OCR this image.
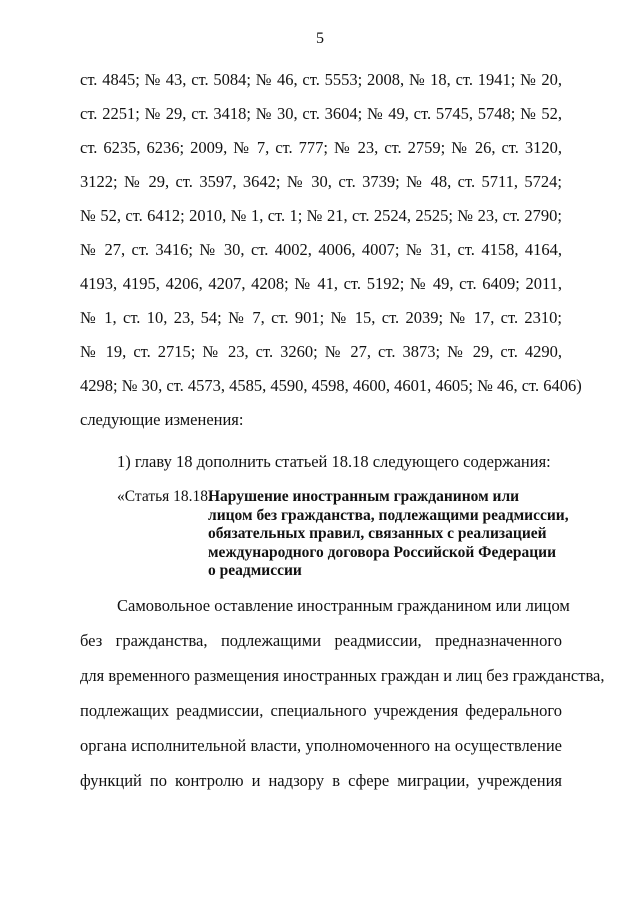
5
ст. 4845; № 43, ст. 5084; № 46, ст. 5553; 2008, № 18, ст. 1941; № 20,
ст. 2251; № 29, ст. 3418; № 30, ст. 3604; № 49, ст. 5745, 5748; № 52,
ст. 6235, 6236; 2009, № 7, ст. 777; № 23, ст. 2759; № 26, ст. 3120,
3122; № 29, ст. 3597, 3642; № 30, ст. 3739; № 48, ст. 5711, 5724;
№ 52, ст. 6412; 2010, № 1, ст. 1; № 21, ст. 2524, 2525; № 23, ст. 2790;
№ 27, ст. 3416; № 30, ст. 4002, 4006, 4007; № 31, ст. 4158, 4164,
4193, 4195, 4206, 4207, 4208; № 41, ст. 5192; № 49, ст. 6409; 2011,
№ 1, ст. 10, 23, 54; № 7, ст. 901; № 15, ст. 2039; № 17, ст. 2310;
№ 19, ст. 2715; № 23, ст. 3260; № 27, ст. 3873; № 29, ст. 4290,
4298; № 30, ст. 4573, 4585, 4590, 4598, 4600, 4601, 4605; № 46, ст. 6406)
следующие изменения:
1) главу 18 дополнить статьей 18.18 следующего содержания:
«Статья 18.18.
Нарушение иностранным гражданином или
лицом без гражданства, подлежащими реадмиссии,
обязательных правил, связанных с реализацией
международного договора Российской Федерации
о реадмиссии
Самовольное оставление иностранным гражданином или лицом
без гражданства, подлежащими реадмиссии, предназначенного
для временного размещения иностранных граждан и лиц без гражданства,
подлежащих реадмиссии, специального учреждения федерального
органа исполнительной власти, уполномоченного на осуществление
функций по контролю и надзору в сфере миграции, учреждения
